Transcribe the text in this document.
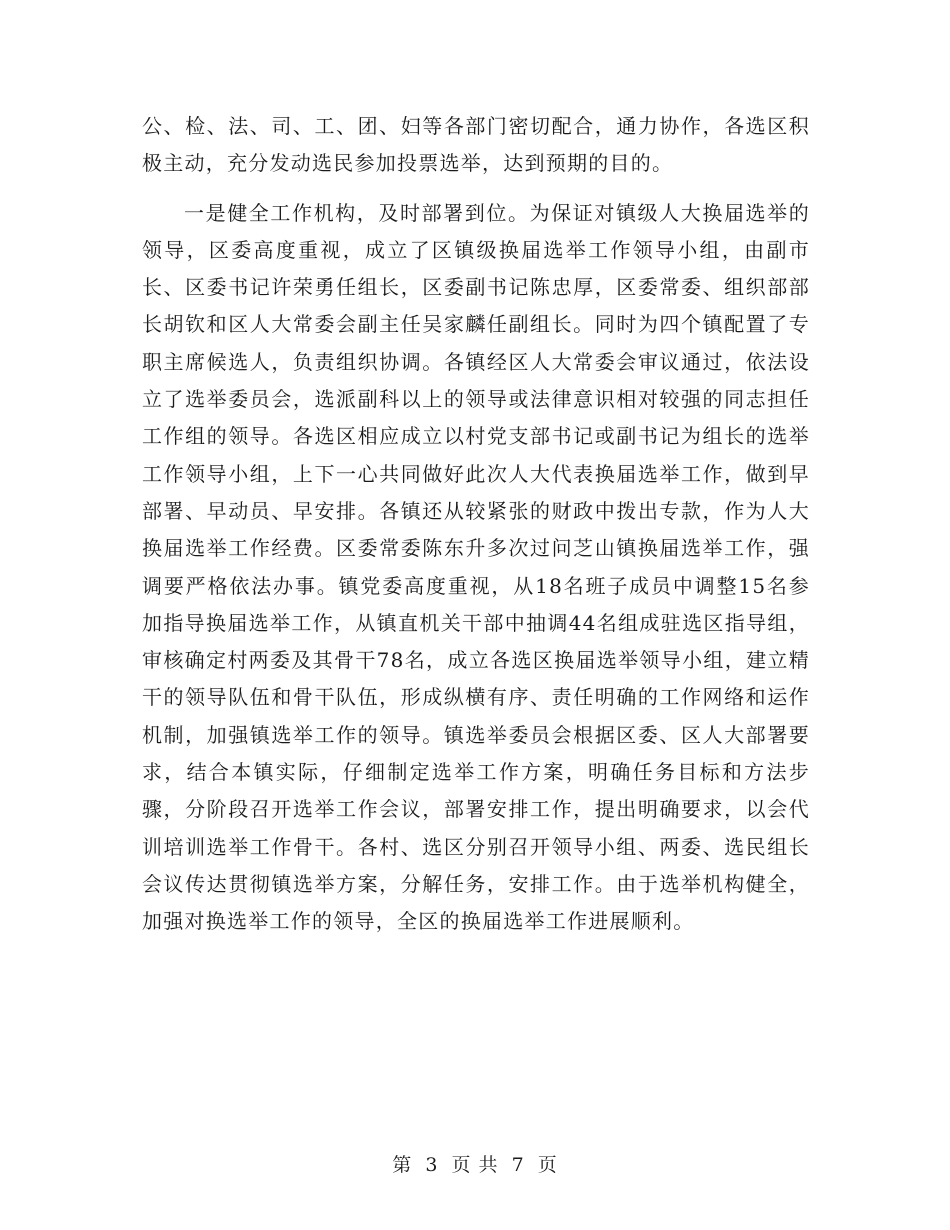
公、检、法、司、工、团、妇等各部门密切配合，通力协作，各选区积极主动，充分发动选民参加投票选举，达到预期的目的。

一是健全工作机构，及时部署到位。为保证对镇级人大换届选举的领导，区委高度重视，成立了区镇级换届选举工作领导小组，由副市长、区委书记许荣勇任组长，区委副书记陈忠厚，区委常委、组织部部长胡钦和区人大常委会副主任吴家麟任副组长。同时为四个镇配置了专职主席候选人，负责组织协调。各镇经区人大常委会审议通过，依法设立了选举委员会，选派副科以上的领导或法律意识相对较强的同志担任工作组的领导。各选区相应成立以村党支部书记或副书记为组长的选举工作领导小组，上下一心共同做好此次人大代表换届选举工作，做到早部署、早动员、早安排。各镇还从较紧张的财政中拨出专款，作为人大换届选举工作经费。区委常委陈东升多次过问芝山镇换届选举工作，强调要严格依法办事。镇党委高度重视，从18名班子成员中调整15名参加指导换届选举工作，从镇直机关干部中抽调44名组成驻选区指导组，审核确定村两委及其骨干78名，成立各选区换届选举领导小组，建立精干的领导队伍和骨干队伍，形成纵横有序、责任明确的工作网络和运作机制，加强镇选举工作的领导。镇选举委员会根据区委、区人大部署要求，结合本镇实际，仔细制定选举工作方案，明确任务目标和方法步骤，分阶段召开选举工作会议，部署安排工作，提出明确要求，以会代训培训选举工作骨干。各村、选区分别召开领导小组、两委、选民组长会议传达贯彻镇选举方案，分解任务，安排工作。由于选举机构健全，加强对换选举工作的领导，全区的换届选举工作进展顺利。

第 3 页 共 7 页
